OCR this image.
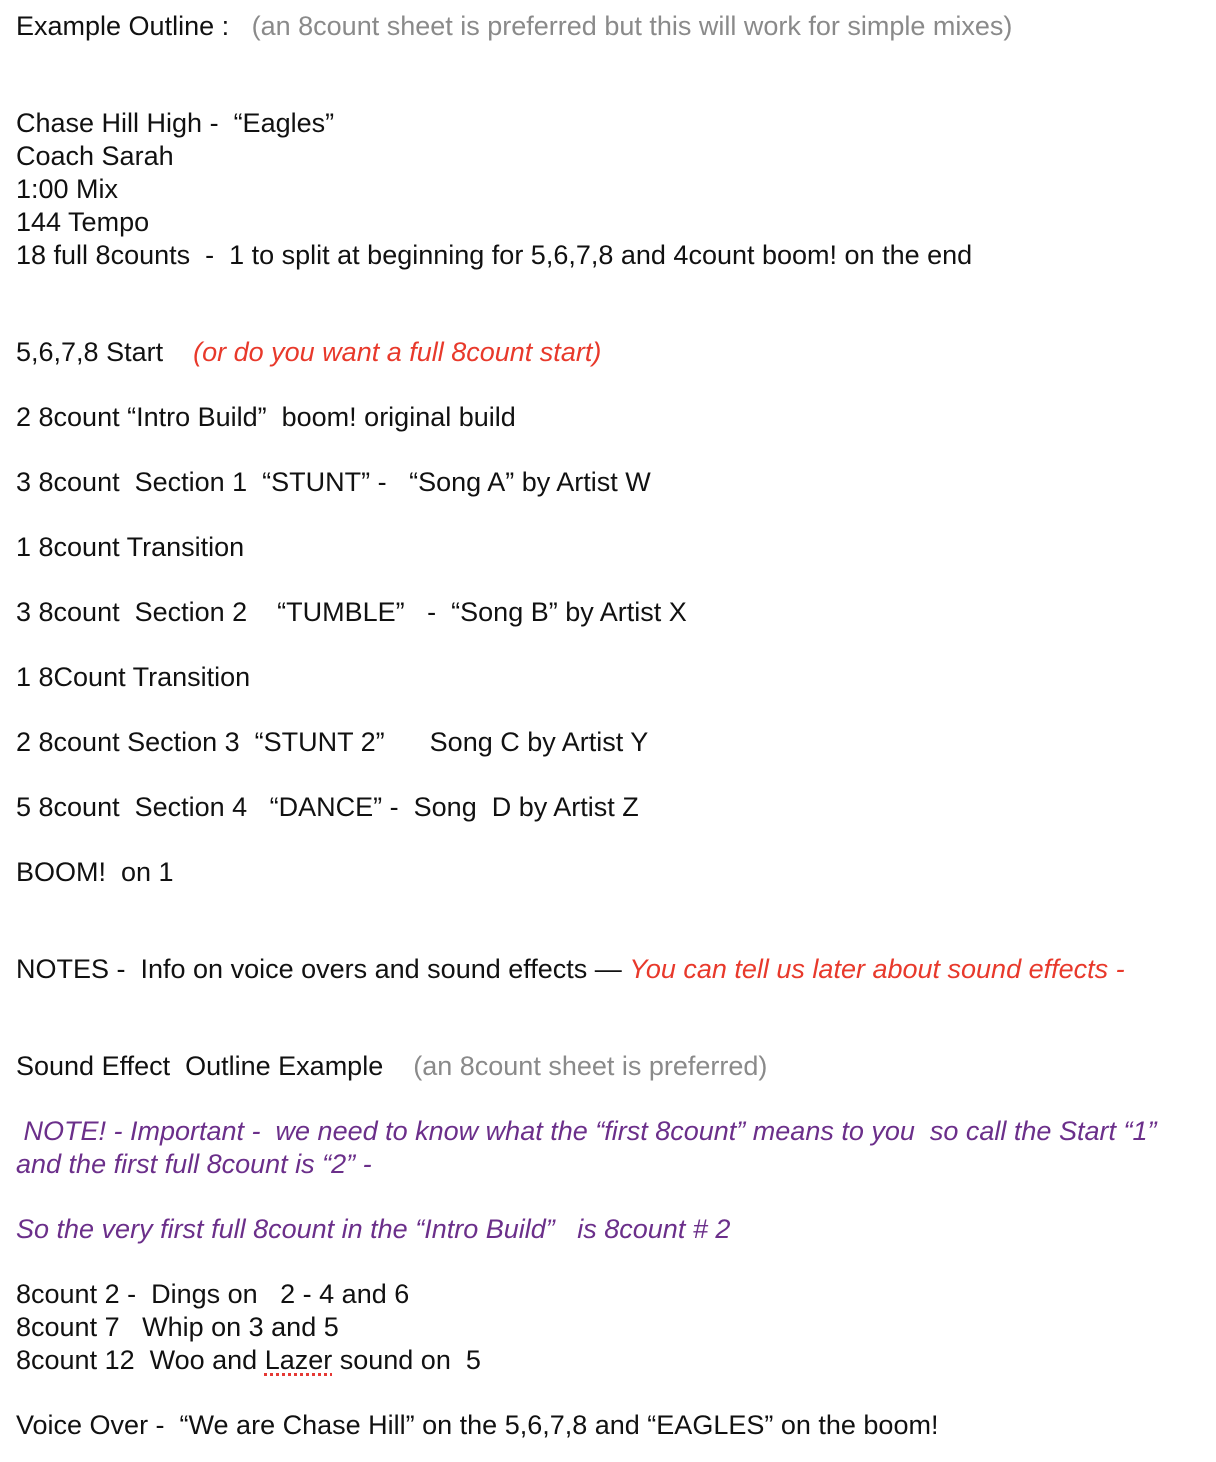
Example Outline : (an 8count sheet is preferred but this will work for simple mixes)
Chase Hill High -  “Eagles”
Coach Sarah
1:00 Mix
144 Tempo
18 full 8counts  -  1 to split at beginning for 5,6,7,8 and 4count boom! on the end
5,6,7,8 Start (or do you want a full 8count start)
2 8count “Intro Build”  boom! original build
3 8count  Section 1  “STUNT” -   “Song A” by Artist W
1 8count Transition
3 8count  Section 2    “TUMBLE”   -  “Song B” by Artist X
1 8Count Transition
2 8count Section 3  “STUNT 2”      Song C by Artist Y
5 8count  Section 4   “DANCE” -  Song  D by Artist Z
BOOM!  on 1
NOTES -  Info on voice overs and sound effects — You can tell us later about sound effects -
Sound Effect  Outline Example (an 8count sheet is preferred)
NOTE! - Important -  we need to know what the “first 8count” means to you  so call the Start “1”
and the first full 8count is “2” -
So the very first full 8count in the “Intro Build”   is 8count # 2
8count 2 -  Dings on   2 - 4 and 6
8count 7   Whip on 3 and 5
8count 12  Woo and Lazer sound on  5
Voice Over -  “We are Chase Hill” on the 5,6,7,8 and “EAGLES” on the boom!
